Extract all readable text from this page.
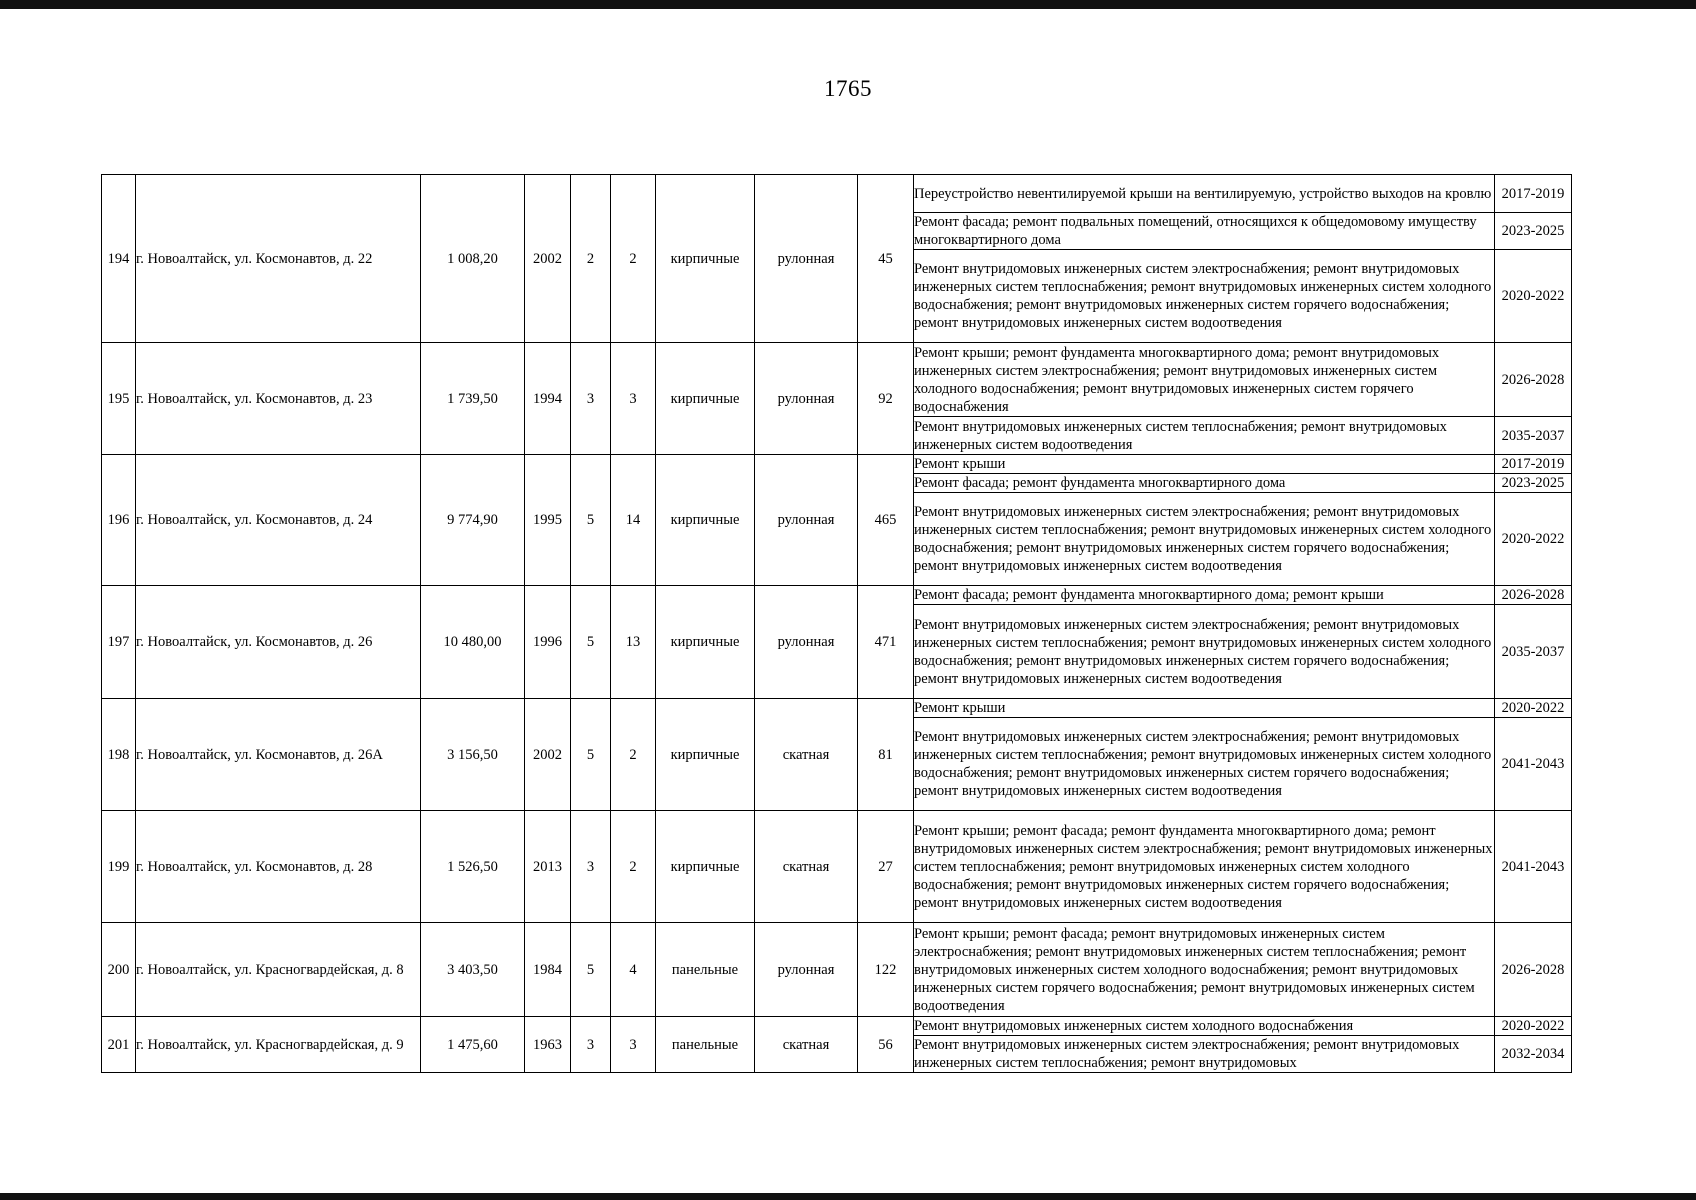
1765
194	г. Новоалтайск, ул. Космонавтов, д. 22	1 008,20	2002	2	2	кирпичные	рулонная	45	Переустройство невентилируемой крыши на вентилируемую, устройство выходов на кровлю	2017-2019
									Ремонт фасада; ремонт подвальных помещений, относящихся к общедомовому имуществу многоквартирного дома	2023-2025
									Ремонт внутридомовых инженерных систем электроснабжения; ремонт внутридомовых инженерных систем теплоснабжения; ремонт внутридомовых инженерных систем холодного водоснабжения; ремонт внутридомовых инженерных систем горячего водоснабжения; ремонт внутридомовых инженерных систем водоотведения	2020-2022
195	г. Новоалтайск, ул. Космонавтов, д. 23	1 739,50	1994	3	3	кирпичные	рулонная	92	Ремонт крыши; ремонт фундамента многоквартирного дома; ремонт внутридомовых инженерных систем электроснабжения; ремонт внутридомовых инженерных систем холодного водоснабжения; ремонт внутридомовых инженерных систем горячего водоснабжения	2026-2028
									Ремонт внутридомовых инженерных систем теплоснабжения; ремонт внутридомовых инженерных систем водоотведения	2035-2037
196	г. Новоалтайск, ул. Космонавтов, д. 24	9 774,90	1995	5	14	кирпичные	рулонная	465	Ремонт крыши	2017-2019
									Ремонт фасада; ремонт фундамента многоквартирного дома	2023-2025
									Ремонт внутридомовых инженерных систем электроснабжения; ремонт внутридомовых инженерных систем теплоснабжения; ремонт внутридомовых инженерных систем холодного водоснабжения; ремонт внутридомовых инженерных систем горячего водоснабжения; ремонт внутридомовых инженерных систем водоотведения	2020-2022
197	г. Новоалтайск, ул. Космонавтов, д. 26	10 480,00	1996	5	13	кирпичные	рулонная	471	Ремонт фасада; ремонт фундамента многоквартирного дома; ремонт крыши	2026-2028
									Ремонт внутридомовых инженерных систем электроснабжения; ремонт внутридомовых инженерных систем теплоснабжения; ремонт внутридомовых инженерных систем холодного водоснабжения; ремонт внутридомовых инженерных систем горячего водоснабжения; ремонт внутридомовых инженерных систем водоотведения	2035-2037
198	г. Новоалтайск, ул. Космонавтов, д. 26А	3 156,50	2002	5	2	кирпичные	скатная	81	Ремонт крыши	2020-2022
									Ремонт внутридомовых инженерных систем электроснабжения; ремонт внутридомовых инженерных систем теплоснабжения; ремонт внутридомовых инженерных систем холодного водоснабжения; ремонт внутридомовых инженерных систем горячего водоснабжения; ремонт внутридомовых инженерных систем водоотведения	2041-2043
199	г. Новоалтайск, ул. Космонавтов, д. 28	1 526,50	2013	3	2	кирпичные	скатная	27	Ремонт крыши; ремонт фасада; ремонт фундамента многоквартирного дома; ремонт внутридомовых инженерных систем электроснабжения; ремонт внутридомовых инженерных систем теплоснабжения; ремонт внутридомовых инженерных систем холодного водоснабжения; ремонт внутридомовых инженерных систем горячего водоснабжения; ремонт внутридомовых инженерных систем водоотведения	2041-2043
200	г. Новоалтайск, ул. Красногвардейская, д. 8	3 403,50	1984	5	4	панельные	рулонная	122	Ремонт крыши; ремонт фасада; ремонт внутридомовых инженерных систем электроснабжения; ремонт внутридомовых инженерных систем теплоснабжения; ремонт внутридомовых инженерных систем холодного водоснабжения; ремонт внутридомовых инженерных систем горячего водоснабжения; ремонт внутридомовых инженерных систем водоотведения	2026-2028
201	г. Новоалтайск, ул. Красногвардейская, д. 9	1 475,60	1963	3	3	панельные	скатная	56	Ремонт внутридомовых инженерных систем холодного водоснабжения	2020-2022
									Ремонт внутридомовых инженерных систем электроснабжения; ремонт внутридомовых инженерных систем теплоснабжения; ремонт внутридомовых	2032-2034
